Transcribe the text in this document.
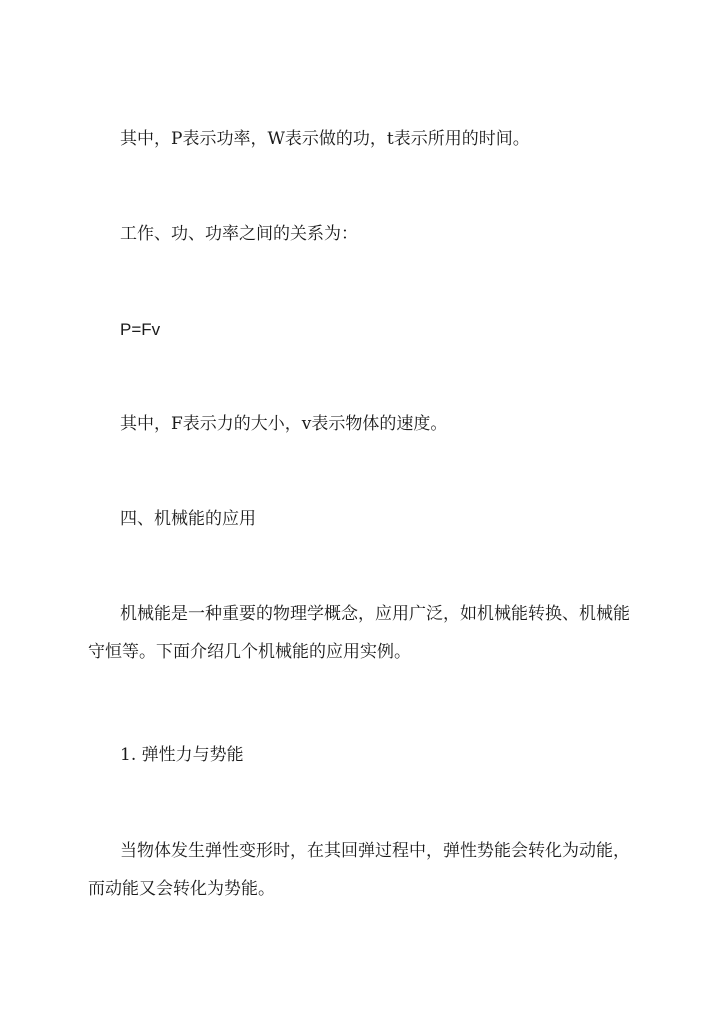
其中，P表示功率，W表示做的功，t表示所用的时间。

工作、功、功率之间的关系为：

P=Fv

其中，F表示力的大小，v表示物体的速度。

四、机械能的应用

机械能是一种重要的物理学概念，应用广泛，如机械能转换、机械能守恒等。下面介绍几个机械能的应用实例。

1. 弹性力与势能

当物体发生弹性变形时，在其回弹过程中，弹性势能会转化为动能，而动能又会转化为势能。
